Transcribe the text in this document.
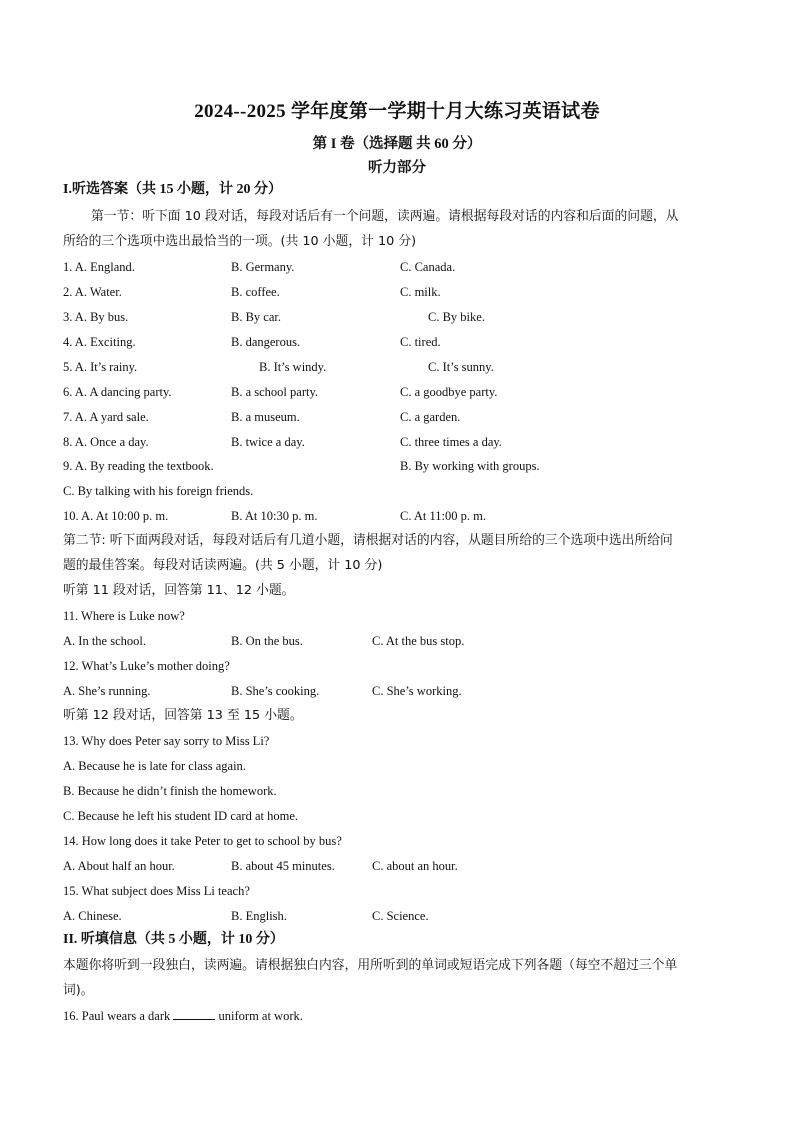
2024--2025 学年度第一学期十月大练习英语试卷
第 I 卷（选择题 共 60 分）
听力部分
I.听选答案（共 15 小题，计 20 分）
第一节：听下面 10 段对话，每段对话后有一个问题，读两遍。请根据每段对话的内容和后面的问题，从
所给的三个选项中选出最恰当的一项。(共 10 小题，计 10 分)
1. A. England.	B. Germany.	C. Canada.
2. A. Water.	B. coffee.	C. milk.
3. A. By bus.	B. By car.	C. By bike.
4. A. Exciting.	B. dangerous.	C. tired.
5. A. It’s rainy.	B. It’s windy.	C. It’s sunny.
6. A. A dancing party.	B. a school party.	C. a goodbye party.
7. A. A yard sale.	B. a museum.	C. a garden.
8. A. Once a day.	B. twice a day.	C. three times a day.
9. A. By reading the textbook.	B. By working with groups.
C. By talking with his foreign friends.
10. A. At 10:00 p. m.	B. At 10:30 p. m.	C. At 11:00 p. m.
第二节: 听下面两段对话，每段对话后有几道小题，请根据对话的内容，从题目所给的三个选项中选出所给问
题的最佳答案。每段对话读两遍。(共 5 小题，计 10 分)
听第 11 段对话，回答第 11、12 小题。
11. Where is Luke now?
A. In the school.	B. On the bus.	C. At the bus stop.
12. What’s Luke’s mother doing?
A. She’s running.	B. She’s cooking.	C. She’s working.
听第 12 段对话，回答第 13 至 15 小题。
13. Why does Peter say sorry to Miss Li?
A. Because he is late for class again.
B. Because he didn’t finish the homework.
C. Because he left his student ID card at home.
14. How long does it take Peter to get to school by bus?
A. About half an hour.	B. about 45 minutes.	C. about an hour.
15. What subject does Miss Li teach?
A. Chinese.	B. English.	C. Science.
II. 听填信息（共 5 小题，计 10 分）
本题你将听到一段独白，读两遍。请根据独白内容，用所听到的单词或短语完成下列各题（每空不超过三个单
词)。
16. Paul wears a dark	uniform at work.
